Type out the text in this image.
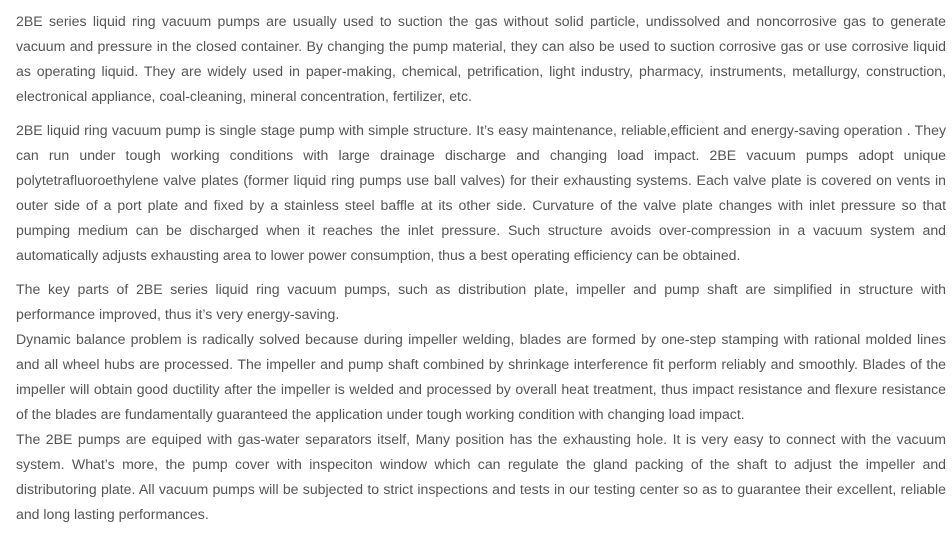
2BE series liquid ring vacuum pumps are usually used to suction the gas without solid particle, undissolved and noncorrosive gas to generate vacuum and pressure in the closed container. By changing the pump material, they can also be used to suction corrosive gas or use corrosive liquid as operating liquid. They are widely used in paper-making, chemical, petrification, light industry, pharmacy, instruments, metallurgy, construction, electronical appliance, coal-cleaning, mineral concentration, fertilizer, etc.

2BE liquid ring vacuum pump is single stage pump with simple structure. It’s easy maintenance, reliable,efficient and energy-saving operation . They can run under tough working conditions with large drainage discharge and changing load impact. 2BE vacuum pumps adopt unique polytetrafluoroethylene valve plates (former liquid ring pumps use ball valves) for their exhausting systems. Each valve plate is covered on vents in outer side of a port plate and fixed by a stainless steel baffle at its other side. Curvature of the valve plate changes with inlet pressure so that pumping medium can be discharged when it reaches the inlet pressure. Such structure avoids over-compression in a vacuum system and automatically adjusts exhausting area to lower power consumption, thus a best operating efficiency can be obtained.

The key parts of 2BE series liquid ring vacuum pumps, such as distribution plate, impeller and pump shaft are simplified in structure with performance improved, thus it’s very energy-saving.

Dynamic balance problem is radically solved because during impeller welding, blades are formed by one-step stamping with rational molded lines and all wheel hubs are processed. The impeller and pump shaft combined by shrinkage interference fit perform reliably and smoothly. Blades of the impeller will obtain good ductility after the impeller is welded and processed by overall heat treatment, thus impact resistance and flexure resistance of the blades are fundamentally guaranteed the application under tough working condition with changing load impact.

The 2BE pumps are equiped with gas-water separators itself, Many position has the exhausting hole. It is very easy to connect with the vacuum system. What’s more, the pump cover with inspeciton window which can regulate the gland packing of the shaft to adjust the impeller and distributoring plate. All vacuum pumps will be subjected to strict inspections and tests in our testing center so as to guarantee their excellent, reliable and long lasting performances.
